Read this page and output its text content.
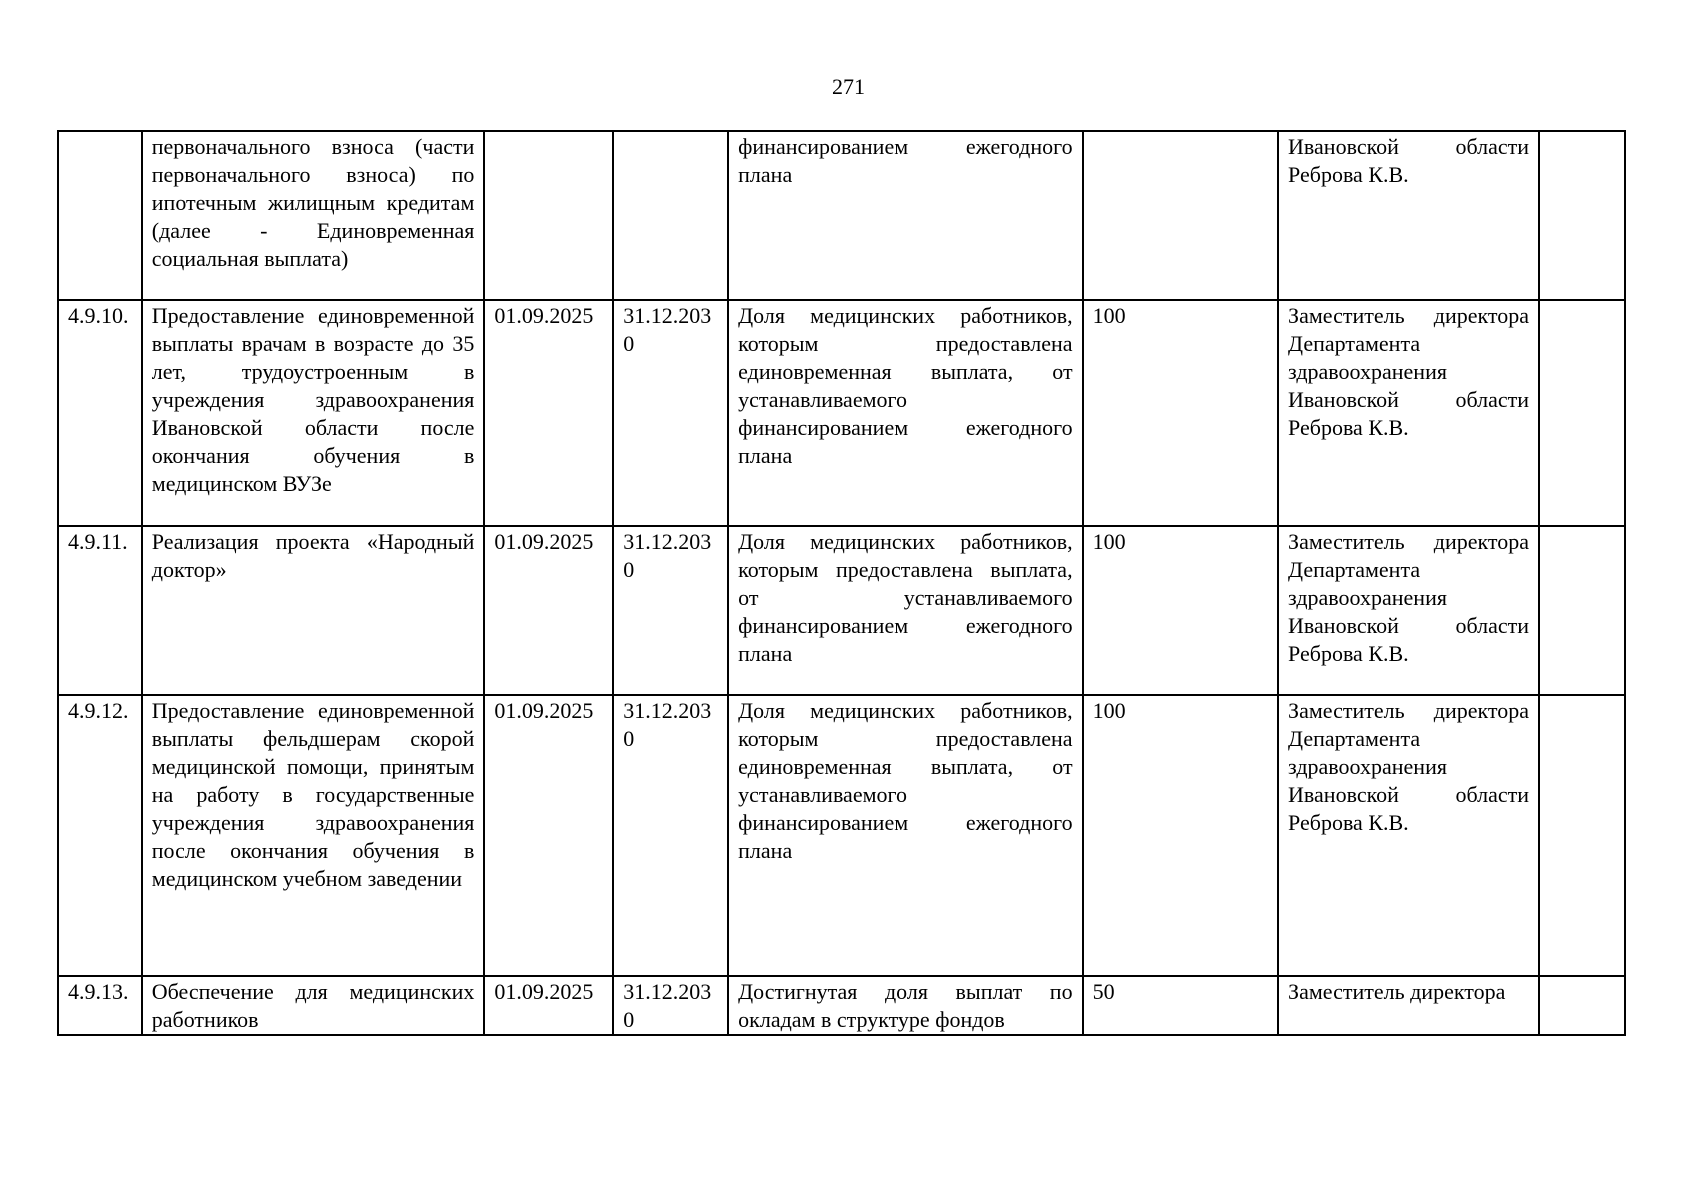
271
	первоначального взноса (части первоначального взноса) по ипотечным жилищным кредитам (далее - Единовременная социальная выплата)			финансированием ежегодного плана		Ивановской области Реброва К.В.	
4.9.10.	Предоставление единовременной выплаты врачам в возрасте до 35 лет, трудоустроенным в учреждения здравоохранения Ивановской области после окончания обучения в медицинском ВУЗе	01.09.2025	31.12.2030	Доля медицинских работников, которым предоставлена единовременная выплата, от устанавливаемого финансированием ежегодного плана	100	Заместитель директора Департамента здравоохранения Ивановской области Реброва К.В.	
4.9.11.	Реализация проекта «Народный доктор»	01.09.2025	31.12.2030	Доля медицинских работников, которым предоставлена выплата, от устанавливаемого финансированием ежегодного плана	100	Заместитель директора Департамента здравоохранения Ивановской области Реброва К.В.	
4.9.12.	Предоставление единовременной выплаты фельдшерам скорой медицинской помощи, принятым на работу в государственные учреждения здравоохранения после окончания обучения в медицинском учебном заведении	01.09.2025	31.12.2030	Доля медицинских работников, которым предоставлена единовременная выплата, от устанавливаемого финансированием ежегодного плана	100	Заместитель директора Департамента здравоохранения Ивановской области Реброва К.В.	
4.9.13.	Обеспечение для медицинских работников	01.09.2025	31.12.2030	Достигнутая доля выплат по окладам в структуре фондов	50	Заместитель директора	
